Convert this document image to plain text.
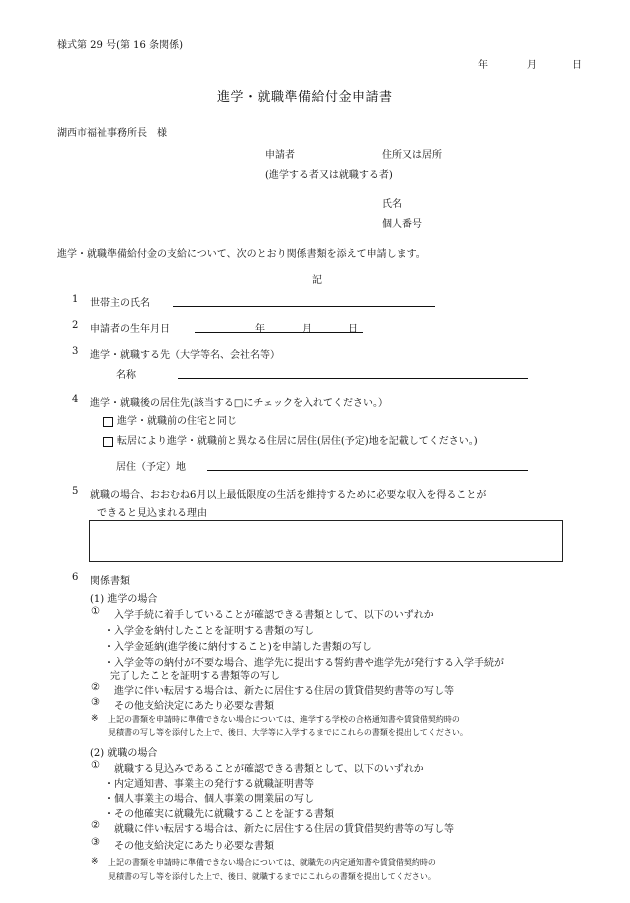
様式第 29 号(第 16 条関係)
年	月	日
進学・就職準備給付金申請書
湖西市福祉事務所長　様
申請者	住所又は居所
(進学する者又は就職する者)
氏名
個人番号
進学・就職準備給付金の支給について、次のとおり関係書類を添えて申請します。
記
1 世帯主の氏名
2 申請者の生年月日	年	月	日
3 進学・就職する先（大学等名、会社名等）
名称
4 進学・就職後の居住先(該当する□にチェックを入れてください。）
進学・就職前の住宅と同じ
転居により進学・就職前と異なる住居に居住(居住(予定)地を記載してください。)
居住（予定）地
5 就職の場合、おおむね6月以上最低限度の生活を維持するために必要な収入を得ることが
できると見込まれる理由
6 関係書類
(1) 進学の場合
① 入学手続に着手していることが確認できる書類として、以下のいずれか
・入学金を納付したことを証明する書類の写し
・入学金延納(進学後に納付すること)を申請した書類の写し
・入学金等の納付が不要な場合、進学先に提出する誓約書や進学先が発行する入学手続が
完了したことを証明する書類等の写し
② 進学に伴い転居する場合は、新たに居住する住居の賃貸借契約書等の写し等
③ その他支給決定にあたり必要な書類
※ 上記の書類を申請時に準備できない場合については、進学する学校の合格通知書や賃貸借契約時の
見積書の写し等を添付した上で、後日、大学等に入学するまでにこれらの書類を提出してください。
(2) 就職の場合
① 就職する見込みであることが確認できる書類として、以下のいずれか
・内定通知書、事業主の発行する就職証明書等
・個人事業主の場合、個人事業の開業届の写し
・その他確実に就職先に就職することを証する書類
② 就職に伴い転居する場合は、新たに居住する住居の賃貸借契約書等の写し等
③ その他支給決定にあたり必要な書類
※ 上記の書類を申請時に準備できない場合については、就職先の内定通知書や賃貸借契約時の
見積書の写し等を添付した上で、後日、就職するまでにこれらの書類を提出してください。
